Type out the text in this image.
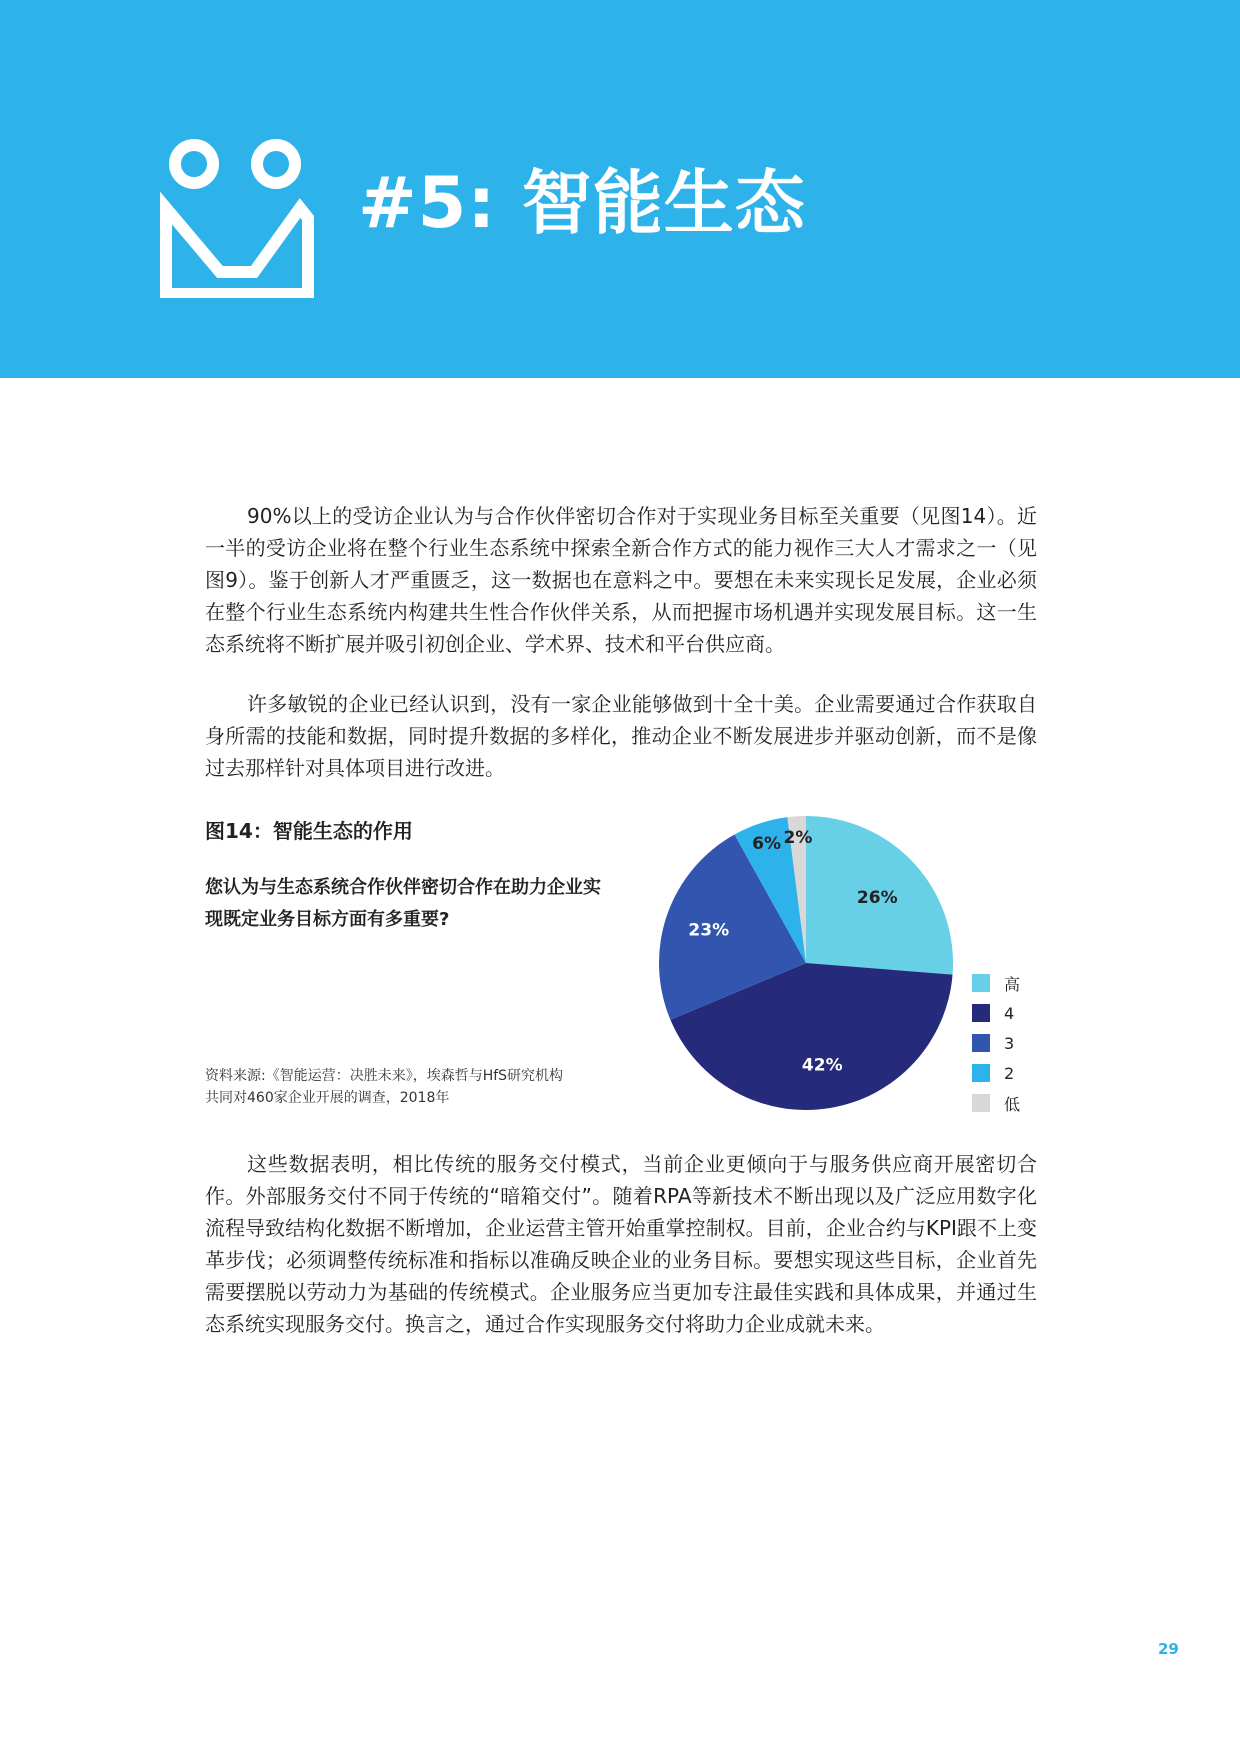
#5: 智能生态

90%以上的受访企业认为与合作伙伴密切合作对于实现业务目标至关重要（见图14）。近一半的受访企业将在整个行业生态系统中探索全新合作方式的能力视作三大人才需求之一（见图9）。鉴于创新人才严重匮乏，这一数据也在意料之中。要想在未来实现长足发展，企业必须在整个行业生态系统内构建共生性合作伙伴关系，从而把握市场机遇并实现发展目标。这一生态系统将不断扩展并吸引初创企业、学术界、技术和平台供应商。

许多敏锐的企业已经认识到，没有一家企业能够做到十全十美。企业需要通过合作获取自身所需的技能和数据，同时提升数据的多样化，推动企业不断发展进步并驱动创新，而不是像过去那样针对具体项目进行改进。

图14：智能生态的作用
您认为与生态系统合作伙伴密切合作在助力企业实现既定业务目标方面有多重要?
资料来源:《智能运营：决胜未来》，埃森哲与HfS研究机构共同对460家企业开展的调查，2018年
26%
42%
23%
6% 2%
高
4
3
2
低

这些数据表明，相比传统的服务交付模式，当前企业更倾向于与服务供应商开展密切合作。外部服务交付不同于传统的“暗箱交付”。随着RPA等新技术不断出现以及广泛应用数字化流程导致结构化数据不断增加，企业运营主管开始重掌控制权。目前，企业合约与KPI跟不上变革步伐；必须调整传统标准和指标以准确反映企业的业务目标。要想实现这些目标，企业首先需要摆脱以劳动力为基础的传统模式。企业服务应当更加专注最佳实践和具体成果，并通过生态系统实现服务交付。换言之，通过合作实现服务交付将助力企业成就未来。

29
